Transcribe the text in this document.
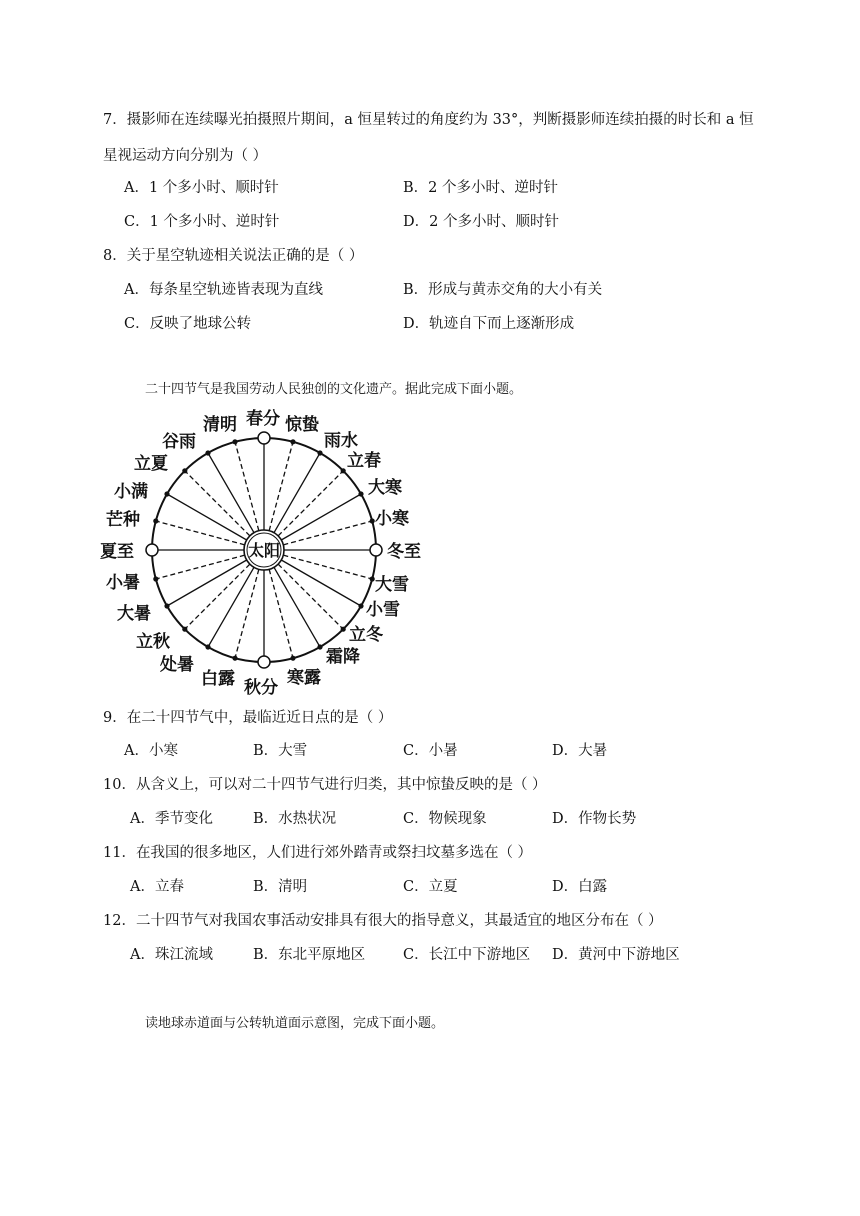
7．摄影师在连续曝光拍摄照片期间，a 恒星转过的角度约为 33°，判断摄影师连续拍摄的时长和 a 恒
星视运动方向分别为（ ）
A．1 个多小时、顺时针	B．2 个多小时、逆时针
C．1 个多小时、逆时针	D．2 个多小时、顺时针
8．关于星空轨迹相关说法正确的是（ ）
A．每条星空轨迹皆表现为直线	B．形成与黄赤交角的大小有关
C．反映了地球公转	D．轨迹自下而上逐渐形成
二十四节气是我国劳动人民独创的文化遗产。据此完成下面小题。
太阳
春分 惊蛰
雨水
立春
大寒
小寒
冬至
大雪
小雪
立冬
霜降
寒露
秋分
白露
处暑
立秋
大暑
小暑
夏至
芒种
小满
立夏
谷雨
清明
9．在二十四节气中，最临近近日点的是（ ）
A．小寒	B．大雪	C．小暑	D．大暑
10．从含义上，可以对二十四节气进行归类，其中惊蛰反映的是（ ）
A．季节变化	B．水热状况	C．物候现象	D．作物长势
11．在我国的很多地区，人们进行郊外踏青或祭扫坟墓多选在（ ）
A．立春	B．清明	C．立夏	D．白露
12．二十四节气对我国农事活动安排具有很大的指导意义，其最适宜的地区分布在（ ）
A．珠江流域	B．东北平原地区	C．长江中下游地区 D．黄河中下游地区
读地球赤道面与公转轨道面示意图，完成下面小题。
